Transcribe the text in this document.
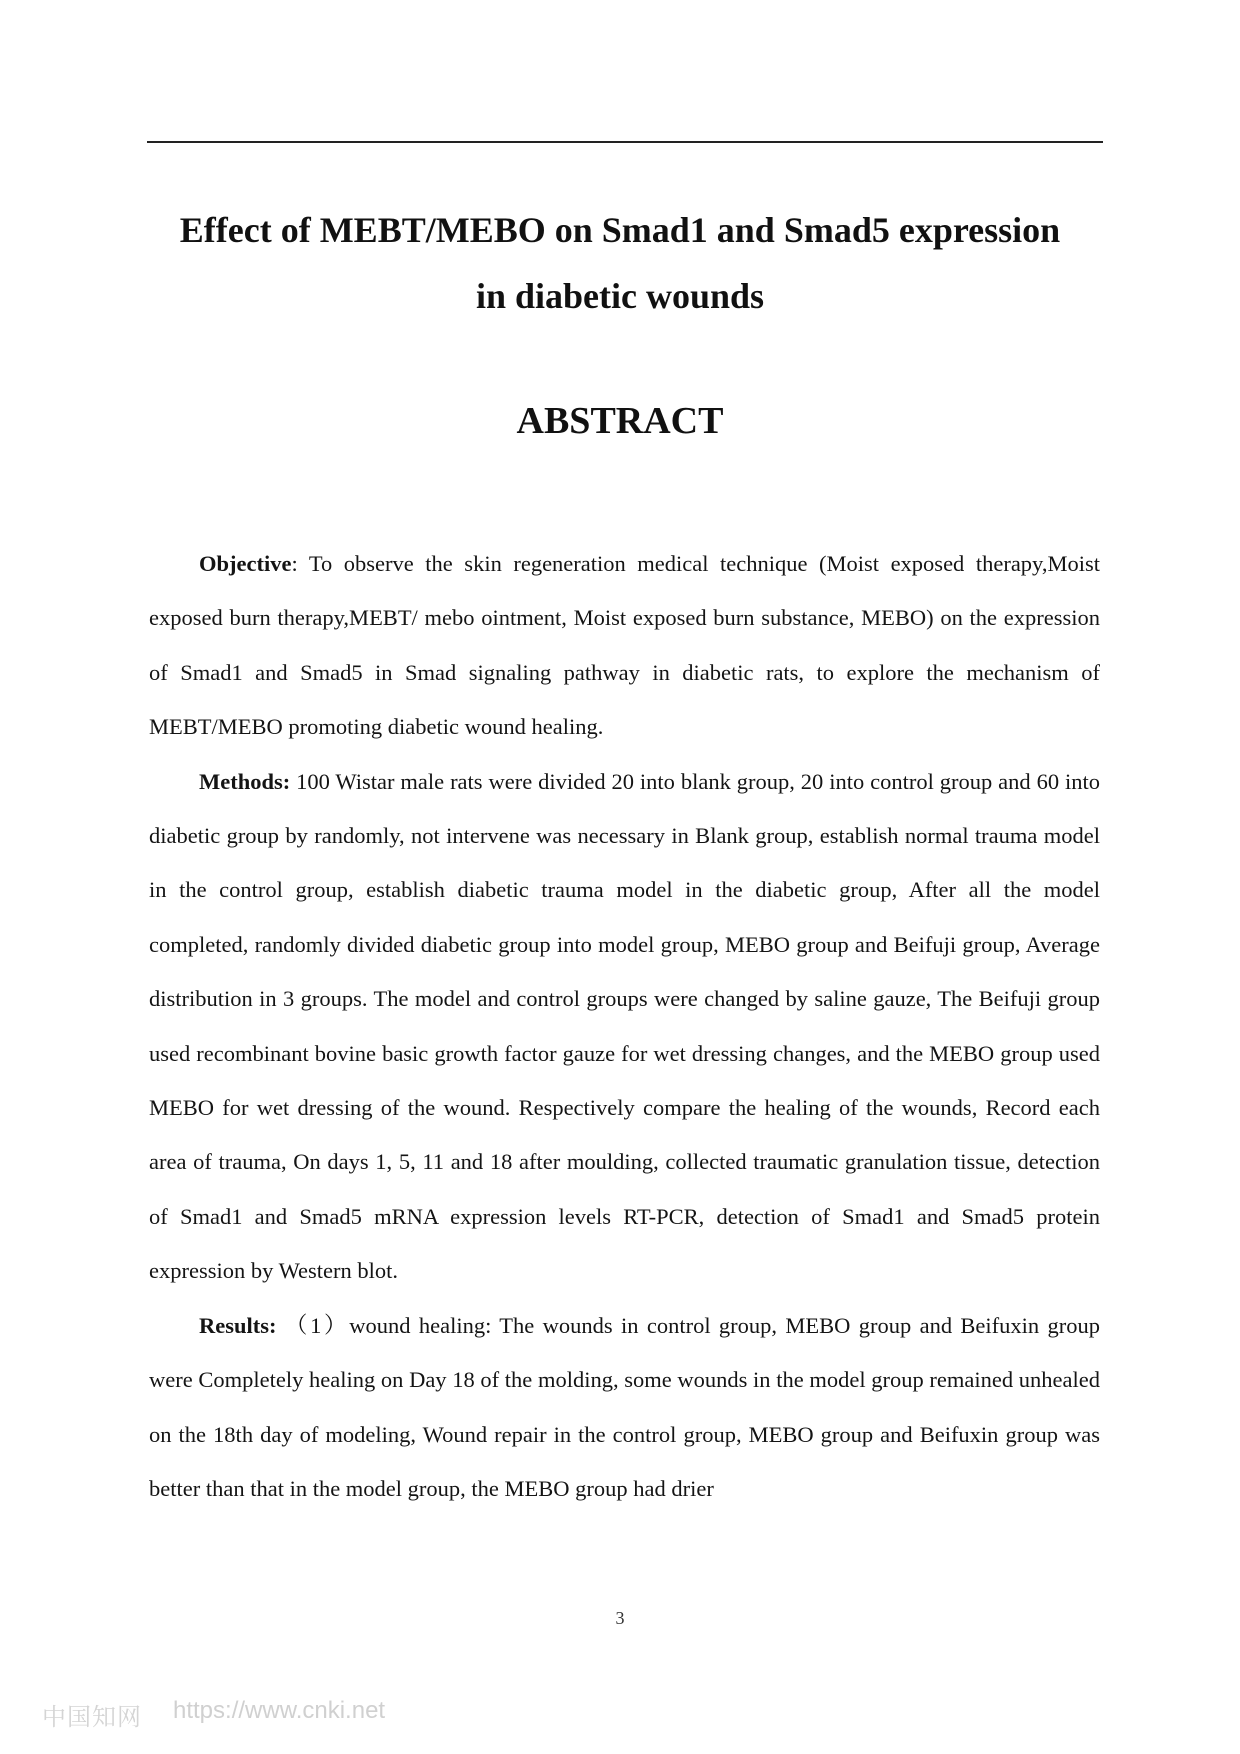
Effect of MEBT/MEBO on Smad1 and Smad5 expression
in diabetic wounds
ABSTRACT

Objective: To observe the skin regeneration medical technique (Moist exposed therapy,Moist exposed burn therapy,MEBT/ mebo ointment, Moist exposed burn substance, MEBO) on the expression of Smad1 and Smad5 in Smad signaling pathway in diabetic rats, to explore the mechanism of MEBT/MEBO promoting diabetic wound healing.

Methods: 100 Wistar male rats were divided 20 into blank group, 20 into control group and 60 into diabetic group by randomly, not intervene was necessary in Blank group, establish normal trauma model in the control group, establish diabetic trauma model in the diabetic group, After all the model completed, randomly divided diabetic group into model group, MEBO group and Beifuji group, Average distribution in 3 groups. The model and control groups were changed by saline gauze, The Beifuji group used recombinant bovine basic growth factor gauze for wet dressing changes, and the MEBO group used MEBO for wet dressing of the wound. Respectively compare the healing of the wounds, Record each area of trauma, On days 1, 5, 11 and 18 after moulding, collected traumatic granulation tissue, detection of Smad1 and Smad5 mRNA expression levels RT-PCR, detection of Smad1 and Smad5 protein expression by Western blot.

Results: （1）wound healing: The wounds in control group, MEBO group and Beifuxin group were Completely healing on Day 18 of the molding, some wounds in the model group remained unhealed on the 18th day of modeling, Wound repair in the control group, MEBO group and Beifuxin group was better than that in the model group, the MEBO group had drier

3
中国知网 https://www.cnki.net
